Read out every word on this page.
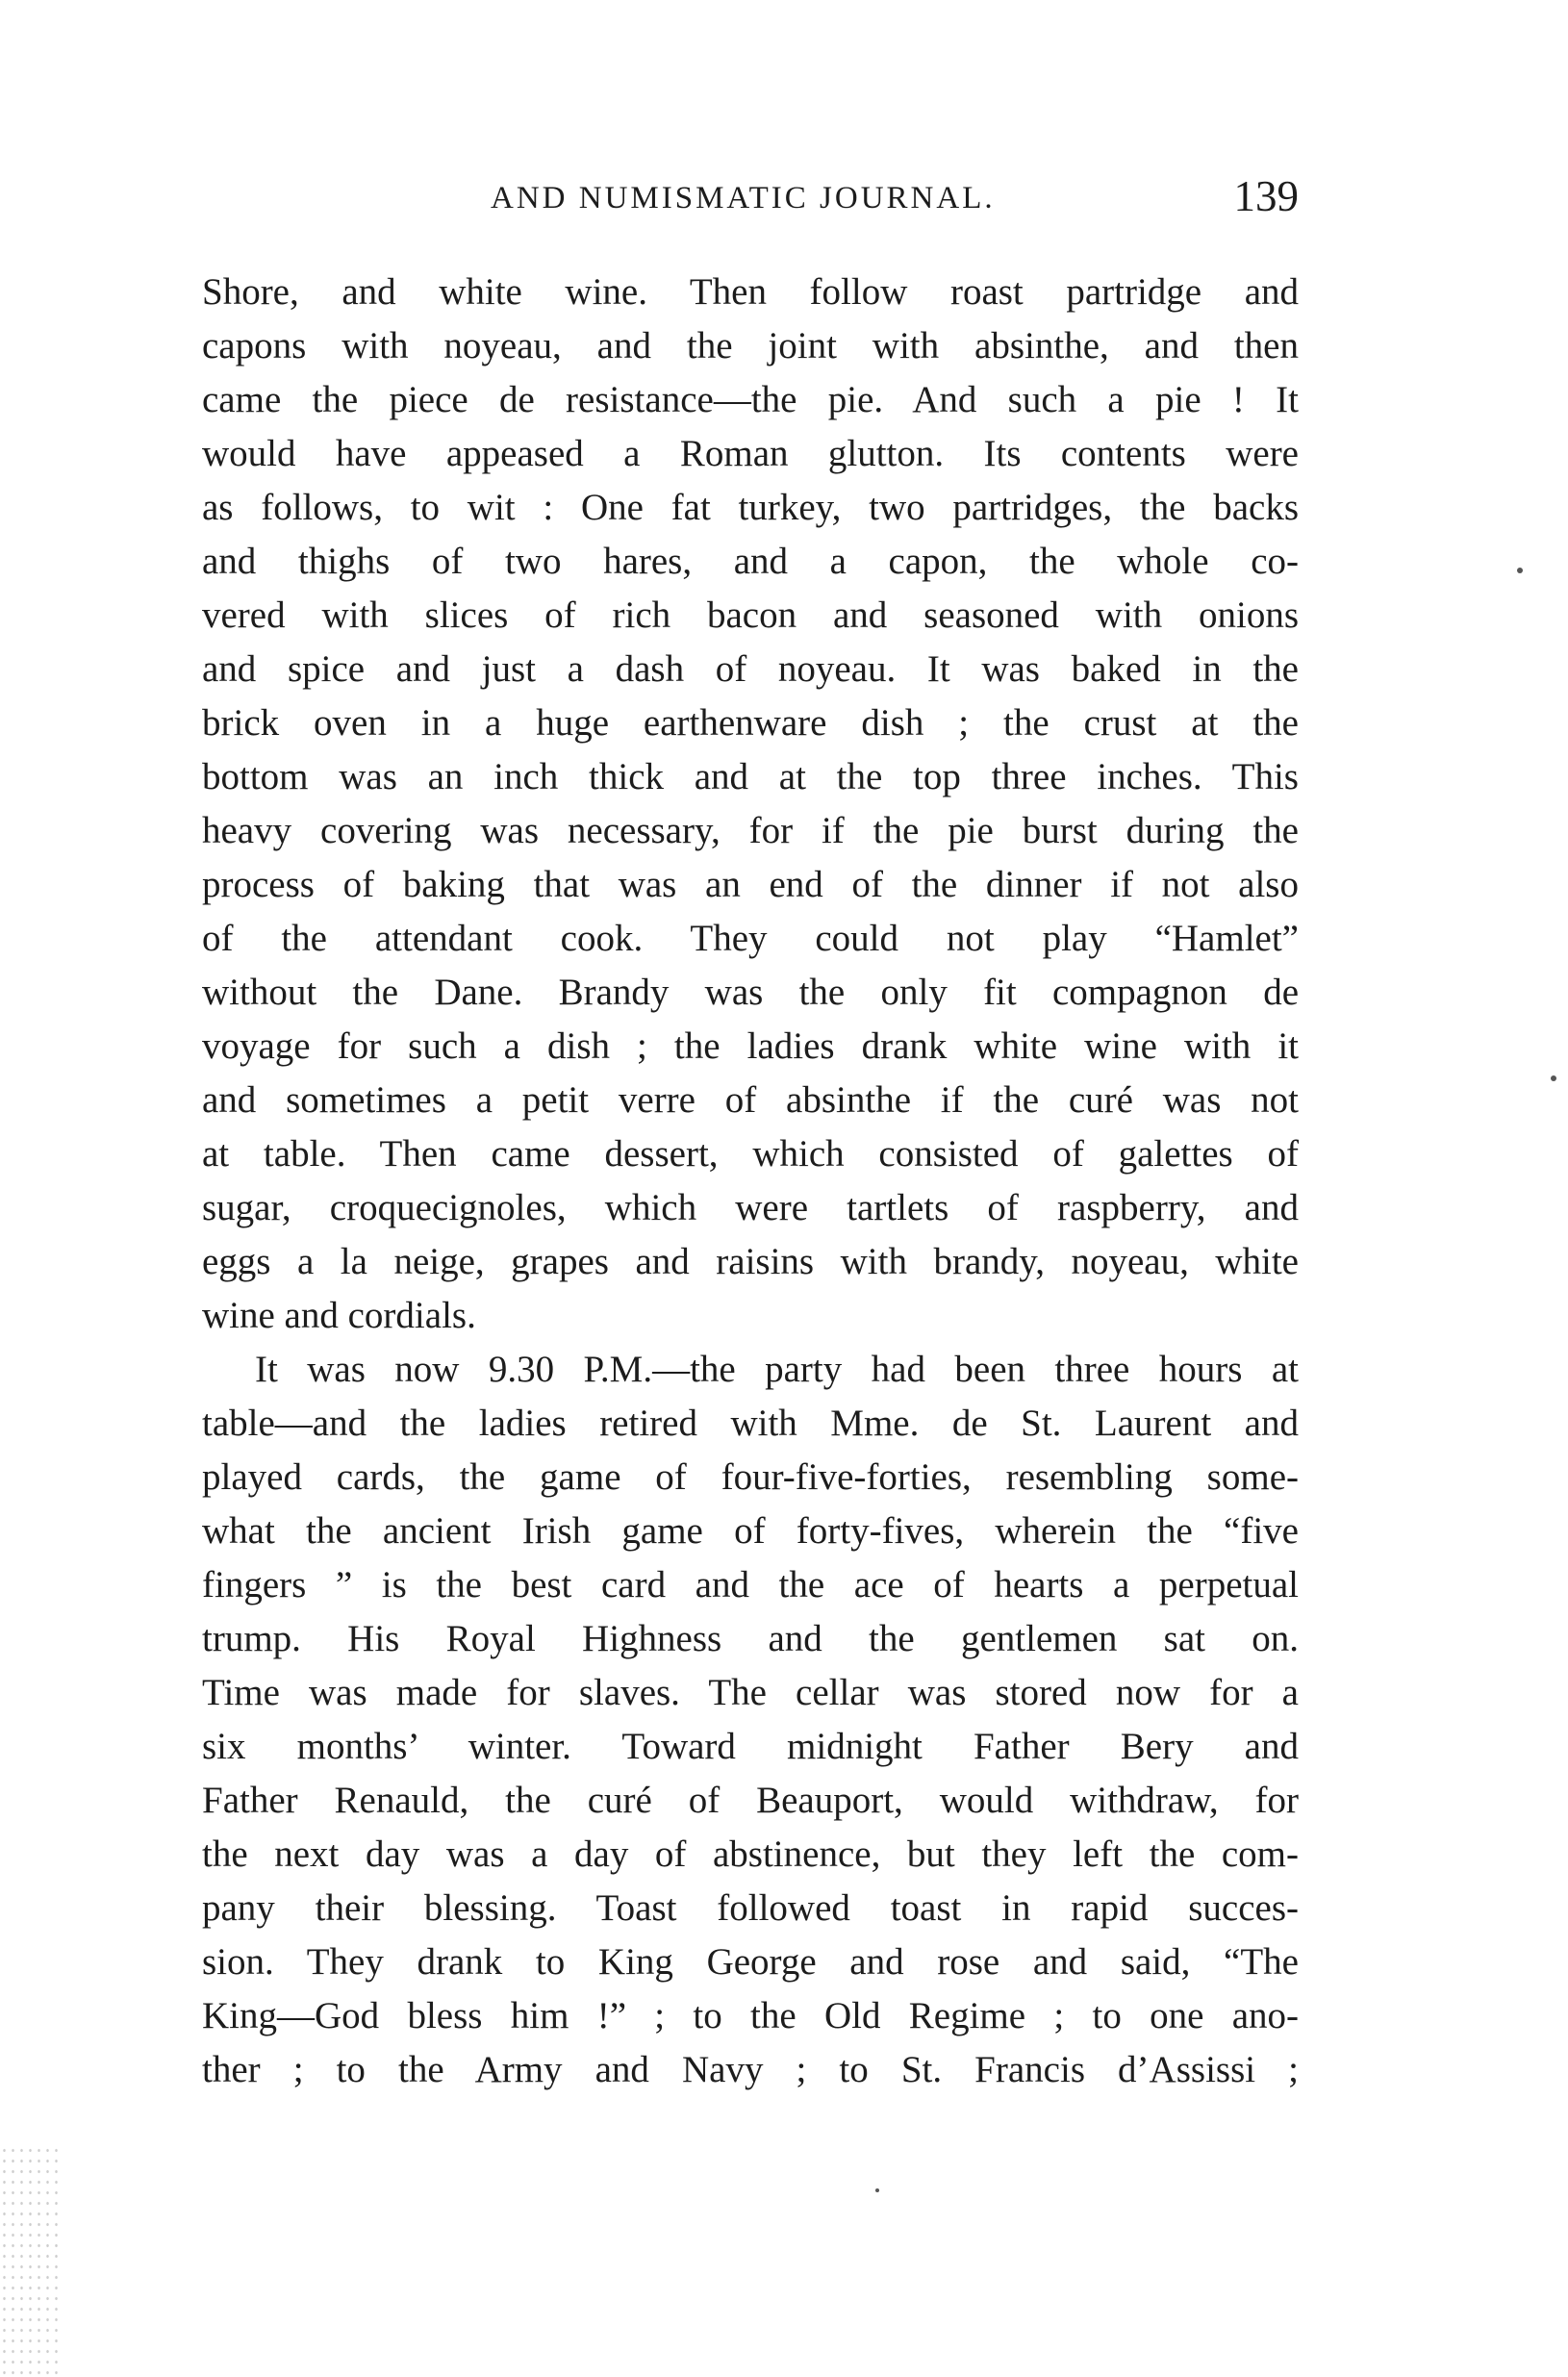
AND NUMISMATIC JOURNAL.	139

Shore, and white wine. Then follow roast partridge and
capons with noyeau, and the joint with absinthe, and then
came the piece de resistance—the pie. And such a pie ! It
would have appeased a Roman glutton. Its contents were
as follows, to wit : One fat turkey, two partridges, the backs
and thighs of two hares, and a capon, the whole co-
vered with slices of rich bacon and seasoned with onions
and spice and just a dash of noyeau. It was baked in the
brick oven in a huge earthenware dish ; the crust at the
bottom was an inch thick and at the top three inches. This
heavy covering was necessary, for if the pie burst during the
process of baking that was an end of the dinner if not also
of the attendant cook. They could not play “Hamlet”
without the Dane. Brandy was the only fit compagnon de
voyage for such a dish ; the ladies drank white wine with it
and sometimes a petit verre of absinthe if the curé was not
at table. Then came dessert, which consisted of galettes of
sugar, croquecignoles, which were tartlets of raspberry, and
eggs a la neige, grapes and raisins with brandy, noyeau, white
wine and cordials.

It was now 9.30 P.M.—the party had been three hours at
table—and the ladies retired with Mme. de St. Laurent and
played cards, the game of four-five-forties, resembling some-
what the ancient Irish game of forty-fives, wherein the “five
fingers ” is the best card and the ace of hearts a perpetual
trump. His Royal Highness and the gentlemen sat on.
Time was made for slaves. The cellar was stored now for a
six months’ winter. Toward midnight Father Bery and
Father Renauld, the curé of Beauport, would withdraw, for
the next day was a day of abstinence, but they left the com-
pany their blessing. Toast followed toast in rapid succes-
sion. They drank to King George and rose and said, “The
King—God bless him !” ; to the Old Regime ; to one ano-
ther ; to the Army and Navy ; to St. Francis d’Assissi ;
